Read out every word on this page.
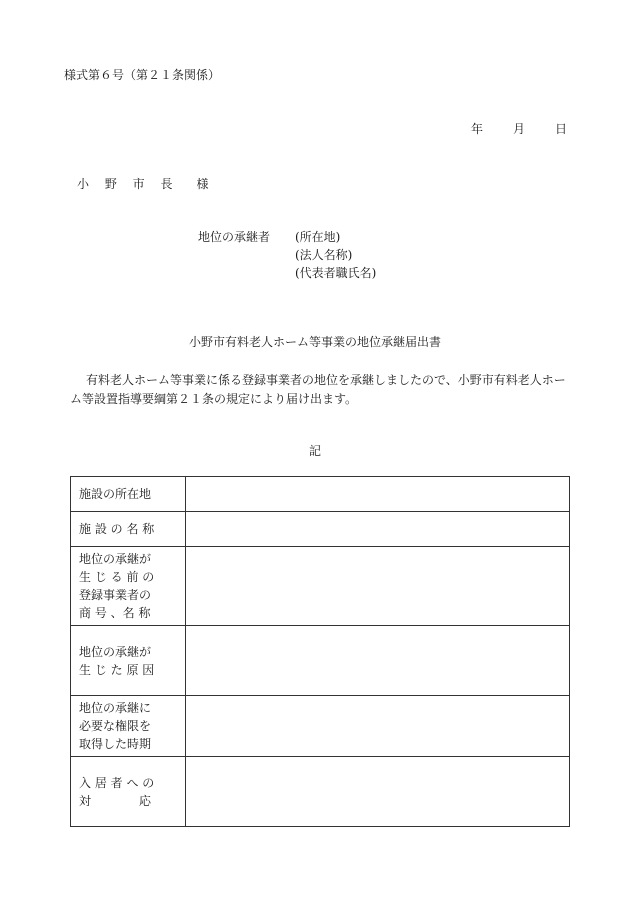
様式第６号（第２１条関係）
年	月	日
小 野 市 長　様
地位の承継者 (所在地)
(法人名称)
(代表者職氏名)
小野市有料老人ホーム等事業の地位承継届出書
有料老人ホーム等事業に係る登録事業者の地位を承継しましたので、小野市有料老人ホーム等設置指導要綱第２１条の規定により届け出ます。
記
施設の所在地	

施 設 の 名 称	

地位の承継が
生 じ る 前 の
登録事業者の
商 号 、名 称	

地位の承継が
生 じ た 原 因	

地位の承継に
必要な権限を
取得した時期	

入 居 者 へ の
対　　　　応	
